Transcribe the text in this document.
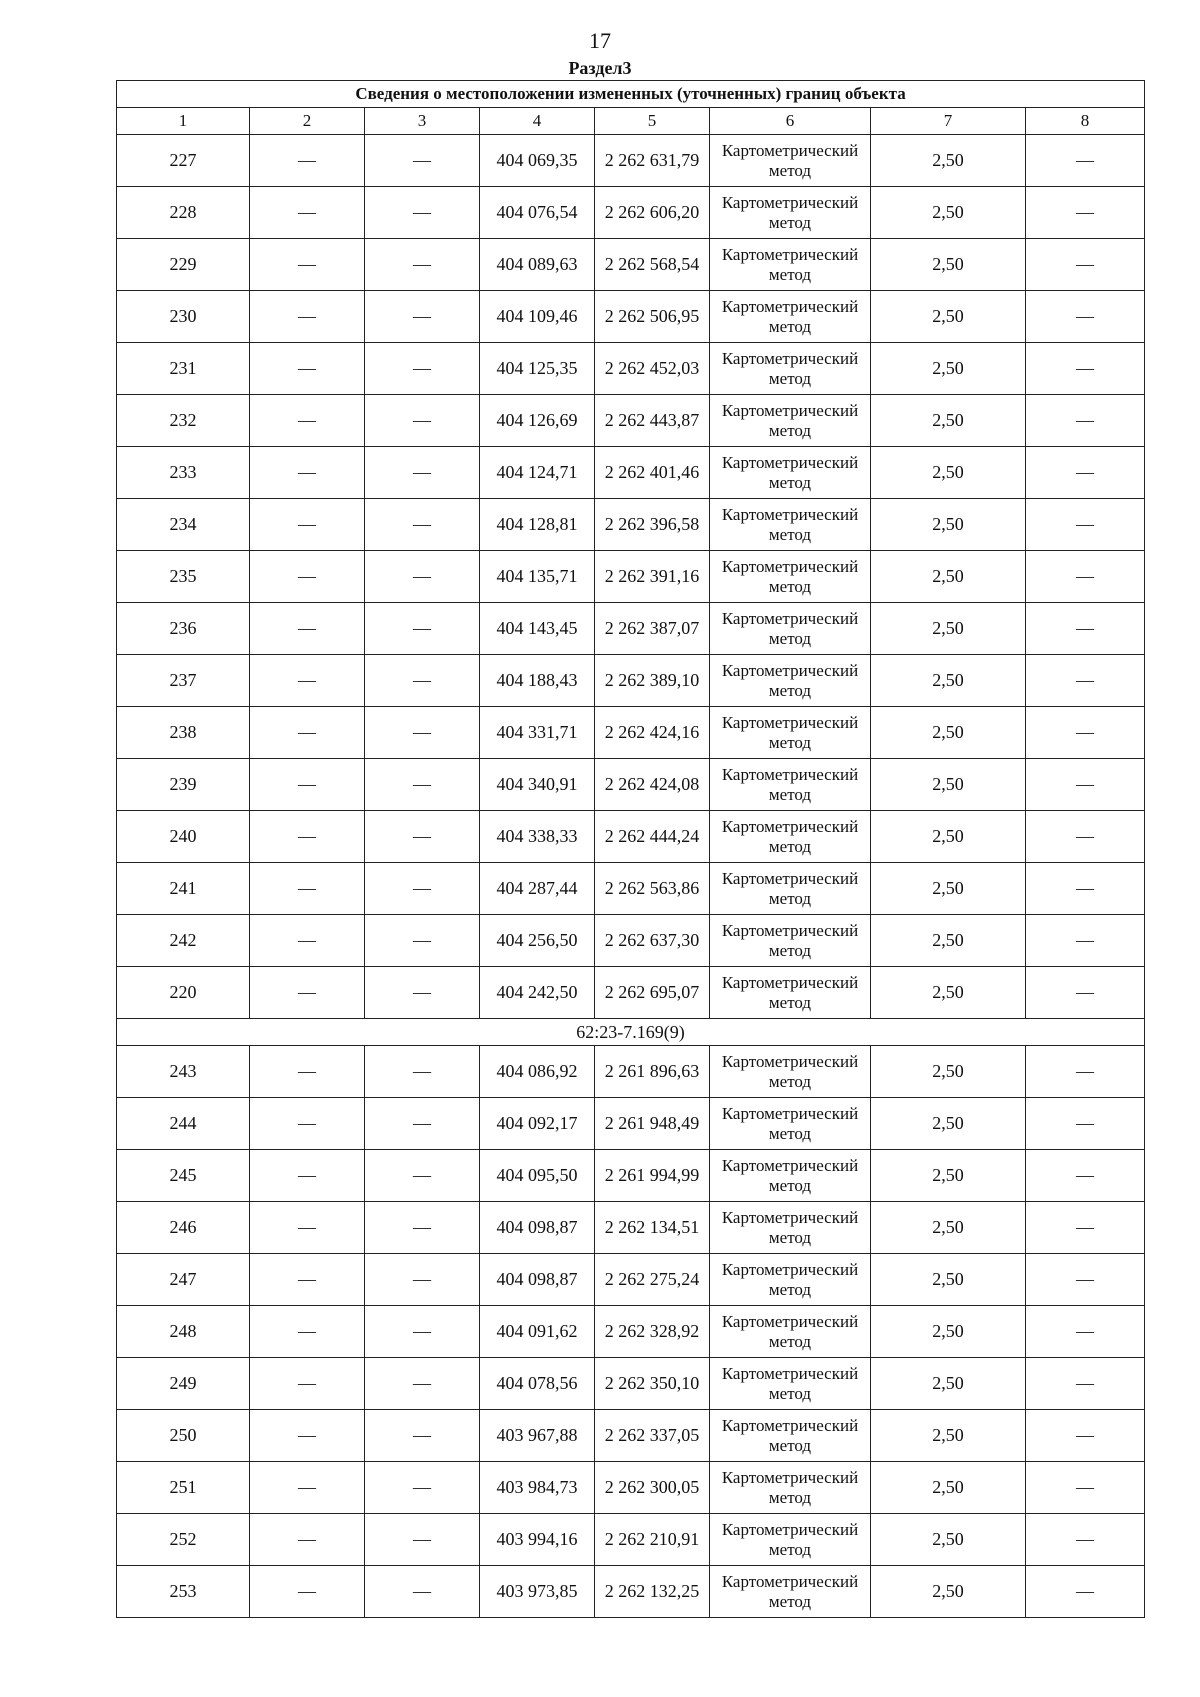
17
Раздел3
Сведения о местоположении измененных (уточненных) границ объекта							
1	2	3	4	5	6	7	8
227	—	—	404 069,35	2 262 631,79	Картометрический метод	2,50	—
228	—	—	404 076,54	2 262 606,20	Картометрический метод	2,50	—
229	—	—	404 089,63	2 262 568,54	Картометрический метод	2,50	—
230	—	—	404 109,46	2 262 506,95	Картометрический метод	2,50	—
231	—	—	404 125,35	2 262 452,03	Картометрический метод	2,50	—
232	—	—	404 126,69	2 262 443,87	Картометрический метод	2,50	—
233	—	—	404 124,71	2 262 401,46	Картометрический метод	2,50	—
234	—	—	404 128,81	2 262 396,58	Картометрический метод	2,50	—
235	—	—	404 135,71	2 262 391,16	Картометрический метод	2,50	—
236	—	—	404 143,45	2 262 387,07	Картометрический метод	2,50	—
237	—	—	404 188,43	2 262 389,10	Картометрический метод	2,50	—
238	—	—	404 331,71	2 262 424,16	Картометрический метод	2,50	—
239	—	—	404 340,91	2 262 424,08	Картометрический метод	2,50	—
240	—	—	404 338,33	2 262 444,24	Картометрический метод	2,50	—
241	—	—	404 287,44	2 262 563,86	Картометрический метод	2,50	—
242	—	—	404 256,50	2 262 637,30	Картометрический метод	2,50	—
220	—	—	404 242,50	2 262 695,07	Картометрический метод	2,50	—
62:23-7.169(9)							
243	—	—	404 086,92	2 261 896,63	Картометрический метод	2,50	—
244	—	—	404 092,17	2 261 948,49	Картометрический метод	2,50	—
245	—	—	404 095,50	2 261 994,99	Картометрический метод	2,50	—
246	—	—	404 098,87	2 262 134,51	Картометрический метод	2,50	—
247	—	—	404 098,87	2 262 275,24	Картометрический метод	2,50	—
248	—	—	404 091,62	2 262 328,92	Картометрический метод	2,50	—
249	—	—	404 078,56	2 262 350,10	Картометрический метод	2,50	—
250	—	—	403 967,88	2 262 337,05	Картометрический метод	2,50	—
251	—	—	403 984,73	2 262 300,05	Картометрический метод	2,50	—
252	—	—	403 994,16	2 262 210,91	Картометрический метод	2,50	—
253	—	—	403 973,85	2 262 132,25	Картометрический метод	2,50	—
